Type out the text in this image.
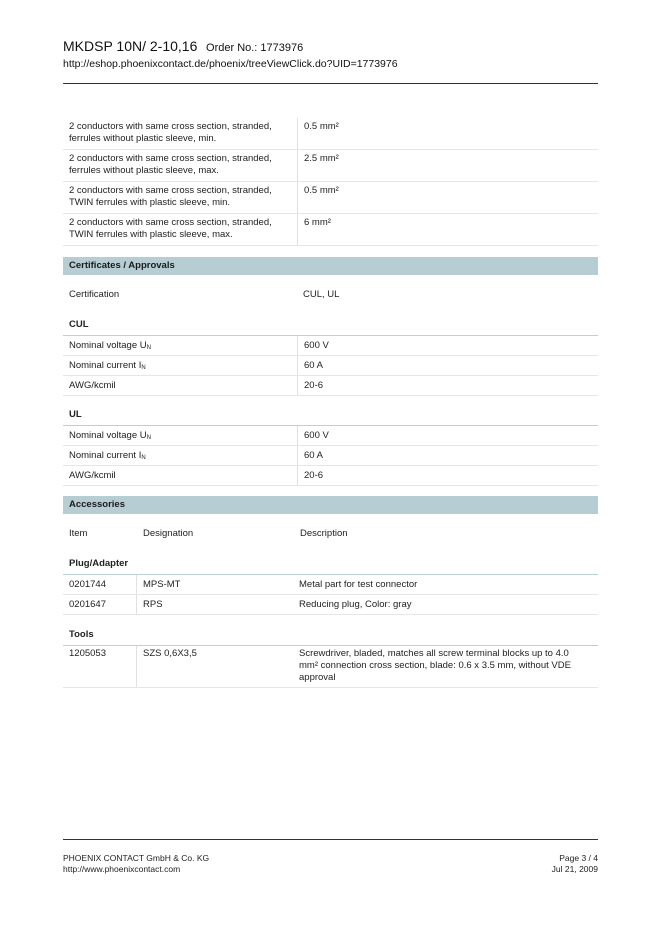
MKDSP 10N/ 2-10,16 Order No.: 1773976
http://eshop.phoenixcontact.de/phoenix/treeViewClick.do?UID=1773976
2 conductors with same cross section, stranded,
ferrules without plastic sleeve, min.	0.5 mm²
2 conductors with same cross section, stranded,
ferrules without plastic sleeve, max.	2.5 mm²
2 conductors with same cross section, stranded,
TWIN ferrules with plastic sleeve, min.	0.5 mm²
2 conductors with same cross section, stranded,
TWIN ferrules with plastic sleeve, max.	6 mm²
Certificates / Approvals
Certification	CUL, UL
CUL
Nominal voltage $U_N$	600 V
Nominal current $I_N$	60 A
AWG/kcmil	20-6
UL
Nominal voltage $U_N$	600 V
Nominal current $I_N$	60 A
AWG/kcmil	20-6
Accessories
Item	Designation	Description
Plug/Adapter
0201744	MPS-MT	Metal part for test connector
0201647	RPS	Reducing plug, Color: gray
Tools
1205053	SZS 0,6X3,5	Screwdriver, bladed, matches all screw terminal blocks up to 4.0
mm² connection cross section, blade: 0.6 x 3.5 mm, without VDE
approval
PHOENIX CONTACT GmbH & Co. KG
http://www.phoenixcontact.com
Page 3 / 4
Jul 21, 2009
